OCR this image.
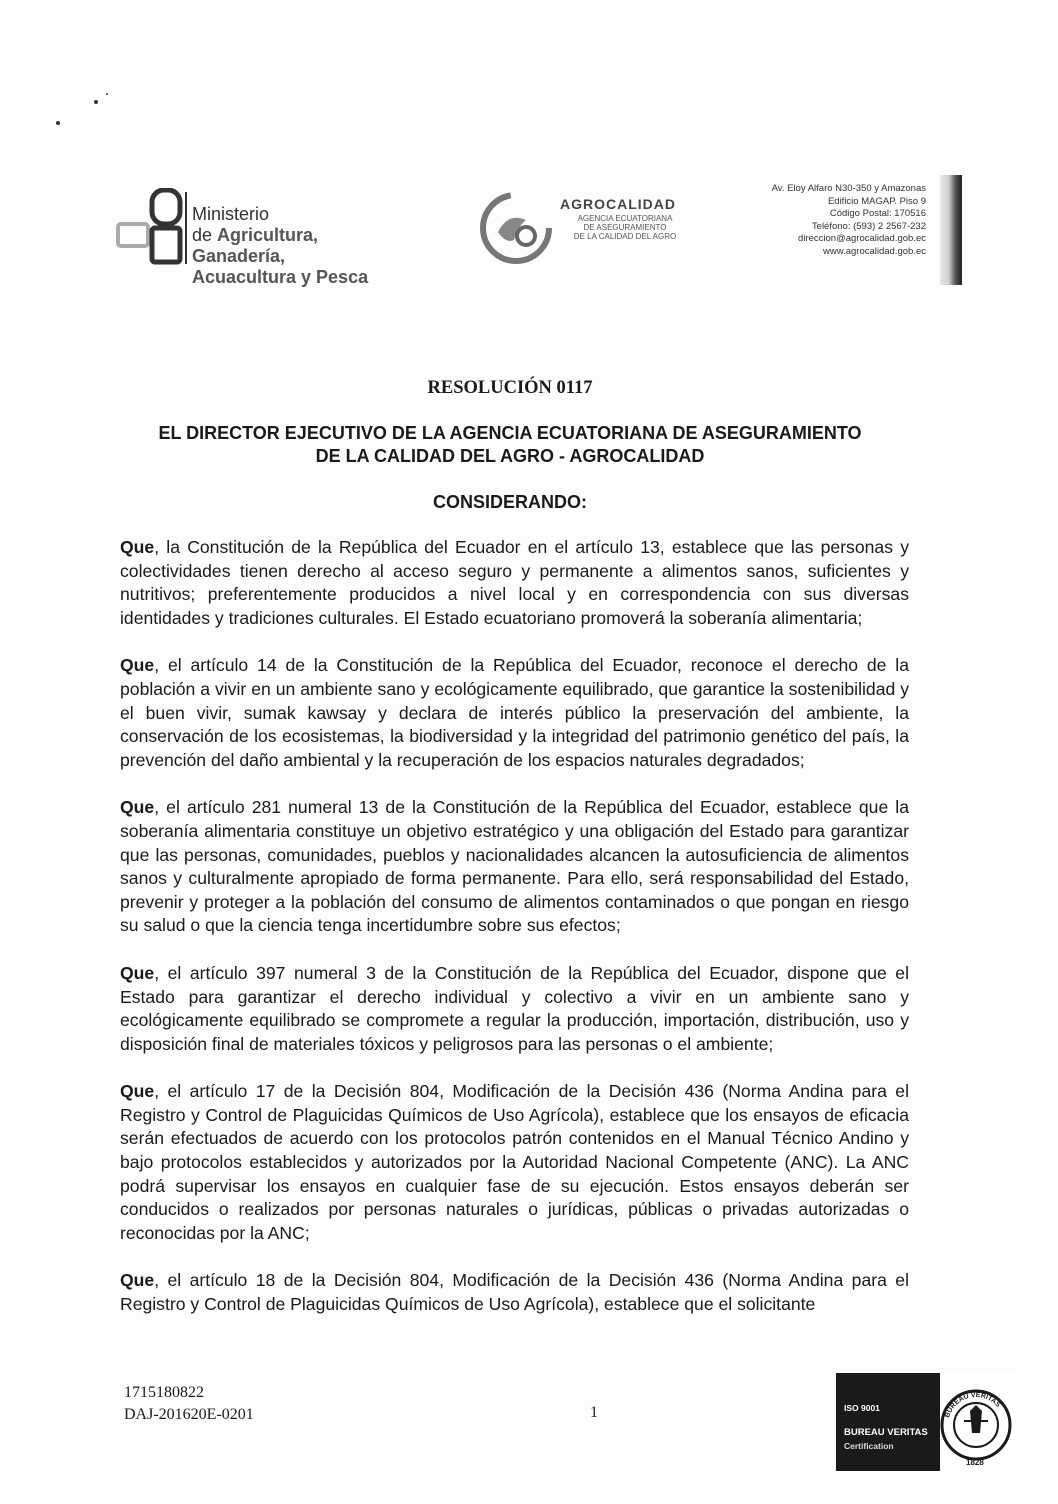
Ministerio
de Agricultura, Ganadería,
Acuacultura y Pesca
AGROCALIDAD
AGENCIA ECUATORIANA
DE ASEGURAMIENTO
DE LA CALIDAD DEL AGRO
Av. Eloy Alfaro N30-350 y Amazonas
Edificio MAGAP. Piso 9
Código Postal: 170516
Teléfono: (593) 2 2567-232
direccion@agrocalidad.gob.ec
www.agrocalidad.gob.ec
RESOLUCIÓN 0117
EL DIRECTOR EJECUTIVO DE LA AGENCIA ECUATORIANA DE ASEGURAMIENTO
DE LA CALIDAD DEL AGRO - AGROCALIDAD
CONSIDERANDO:

Que, la Constitución de la República del Ecuador en el artículo 13, establece que las personas y colectividades tienen derecho al acceso seguro y permanente a alimentos sanos, suficientes y nutritivos; preferentemente producidos a nivel local y en correspondencia con sus diversas identidades y tradiciones culturales. El Estado ecuatoriano promoverá la soberanía alimentaria;

Que, el artículo 14 de la Constitución de la República del Ecuador, reconoce el derecho de la población a vivir en un ambiente sano y ecológicamente equilibrado, que garantice la sostenibilidad y el buen vivir, sumak kawsay y declara de interés público la preservación del ambiente, la conservación de los ecosistemas, la biodiversidad y la integridad del patrimonio genético del país, la prevención del daño ambiental y la recuperación de los espacios naturales degradados;

Que, el artículo 281 numeral 13 de la Constitución de la República del Ecuador, establece que la soberanía alimentaria constituye un objetivo estratégico y una obligación del Estado para garantizar que las personas, comunidades, pueblos y nacionalidades alcancen la autosuficiencia de alimentos sanos y culturalmente apropiado de forma permanente. Para ello, será responsabilidad del Estado, prevenir y proteger a la población del consumo de alimentos contaminados o que pongan en riesgo su salud o que la ciencia tenga incertidumbre sobre sus efectos;

Que, el artículo 397 numeral 3 de la Constitución de la República del Ecuador, dispone que el Estado para garantizar el derecho individual y colectivo a vivir en un ambiente sano y ecológicamente equilibrado se compromete a regular la producción, importación, distribución, uso y disposición final de materiales tóxicos y peligrosos para las personas o el ambiente;

Que, el artículo 17 de la Decisión 804, Modificación de la Decisión 436 (Norma Andina para el Registro y Control de Plaguicidas Químicos de Uso Agrícola), establece que los ensayos de eficacia serán efectuados de acuerdo con los protocolos patrón contenidos en el Manual Técnico Andino y bajo protocolos establecidos y autorizados por la Autoridad Nacional Competente (ANC). La ANC podrá supervisar los ensayos en cualquier fase de su ejecución. Estos ensayos deberán ser conducidos o realizados por personas naturales o jurídicas, públicas o privadas autorizadas o reconocidas por la ANC;

Que, el artículo 18 de la Decisión 804, Modificación de la Decisión 436 (Norma Andina para el Registro y Control de Plaguicidas Químicos de Uso Agrícola), establece que el solicitante

1715180822
DAJ-201620E-0201	1	ISO 9001
BUREAU VERITAS
Certification
BUREAU VERITAS
1828
